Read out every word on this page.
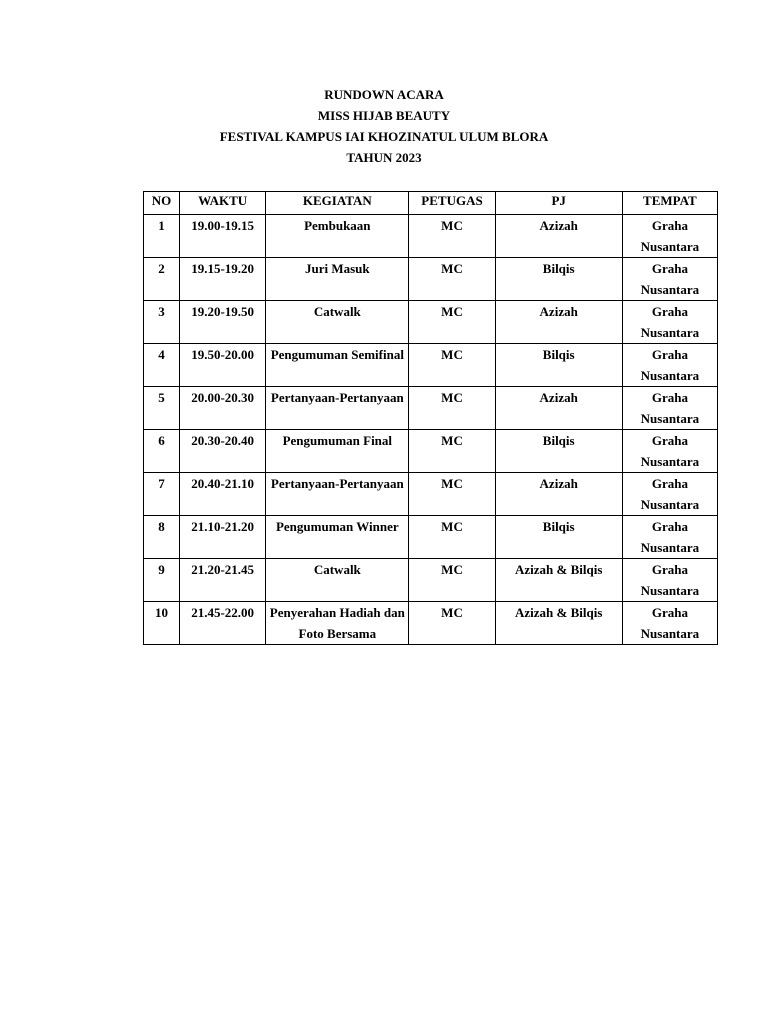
RUNDOWN ACARA
MISS HIJAB BEAUTY
FESTIVAL KAMPUS IAI KHOZINATUL ULUM BLORA
TAHUN 2023
NO	WAKTU	KEGIATAN	PETUGAS	PJ	TEMPAT
1	19.00-19.15	Pembukaan	MC	Azizah	Graha Nusantara
2	19.15-19.20	Juri Masuk	MC	Bilqis	Graha Nusantara
3	19.20-19.50	Catwalk	MC	Azizah	Graha Nusantara
4	19.50-20.00	Pengumuman Semifinal	MC	Bilqis	Graha Nusantara
5	20.00-20.30	Pertanyaan-Pertanyaan	MC	Azizah	Graha Nusantara
6	20.30-20.40	Pengumuman Final	MC	Bilqis	Graha Nusantara
7	20.40-21.10	Pertanyaan-Pertanyaan	MC	Azizah	Graha Nusantara
8	21.10-21.20	Pengumuman Winner	MC	Bilqis	Graha Nusantara
9	21.20-21.45	Catwalk	MC	Azizah & Bilqis	Graha Nusantara
10	21.45-22.00	Penyerahan Hadiah dan Foto Bersama	MC	Azizah & Bilqis	Graha Nusantara
